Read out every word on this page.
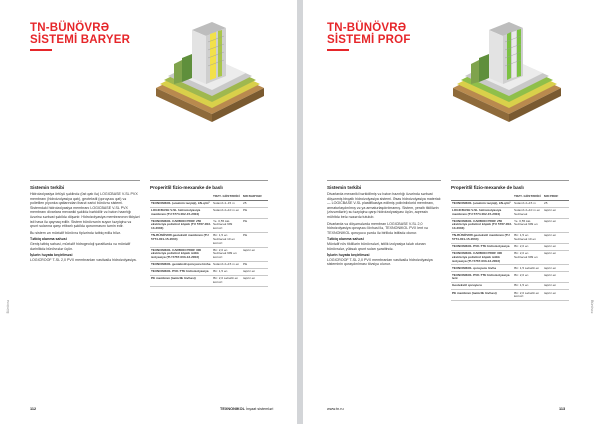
TN-BÜNÖVRƏ
SİSTEMİ BARYER
Sistemin tərkibi

Hidroizolyasiya örtüyü şəklində (üst qatı ilə) LOGICBASE V-SL PVX membranı (hidroizolyasiya qatı), geotekstil (qoruyucu qat) və polietilen plyonka qatlarından ibarət xarici bünövrə sistemi. Sistemdəki hidroizolyasiya membranı LOGICBASE V-SL PVX membranı divarlara mexaniki şəkildə bərkidilir və bəton hazırlığı üzərinə sərbəst şəkildə döşənir. Hidroizolyasiya membranının tikişləri isti hava ilə qaynaq edilir. Sistem bünövrənin suyun təzyiqinə və qrunt sularına qarşı etibarlı şəkildə qorunmasını təmin edir.

Bu sistem ən müxtəlif bünövrə tiplərində tətbiq edilə bilər.

Tətbiq olunma sahəsi

Geniş tətbiq sahəsi, müxtəlif hidrogeoloji şəraitlərdə və müxtəlif dərinlikdə bünövrələr üçün.

İşlərin həyata keçirilməsi

LOGICROOF T-SL 2,0 PVX membranları vasitəsilə hidroizolyasiya.

Properitlil fizio-mexanıke de baslı
	TƏZY. GÖSTƏRİCİ	MƏ BARYER
TEXNONIKOL (ərazinin təzyiqi), kN·q/m²	Sulanıb 4–15 m	25
LOGICBASE V-SL hidroizolyasiya membranı (TU 5774-002-15-2004)	Sulanıb 2+10 m ən	PE
TEXNONIKOL CARBON PROF 250 ekstrüziya polistirol köpük (TU 5767-003-13-2003)	Ye. 0,55 kat. Seziləcək 999 korrozi	PE
TN-BÜNÖVRƏ geotekstil membranı (TU 5774-001-15-2004)	Ən: 1,5 ən Seziləcək 10 ən korrozi	PE
TEXNONIKOL CARBON PROF 300 ekstrüziya polistirol köpük istilik izolyasiya (TU 5767-003-13-2003)	Ən: 2,0 ən Seziləcək 999 ən korrozi	tapılır ən
TEXNONIKOL geotekstil qoruyucu lövhə	Sulanıb 2+15 m ən	PE
TEXNONIKOL PVK-TTE hidroizolyasiya	Ən: 1,5 ən	tapılır ən
PE membran (təmizlik lövhəsi)	Ən: 2,0 səbəbli ən korrozi	tapılır ən
Bünövrə
112	TEXNONIKOL İnşaat sistemləri
TN-BÜNÖVRƏ
SİSTEMİ PROF
Sistemin tərkibi

Divarlarda mexaniki bərkidilmiş və bəton hazırlığı üzərində sərbəst döşənmiş birqatlı hidroizolyasiya sistemi. Əsas hidroizolyasiya materialı — LOGICBASE V-SL plastifikasiya edilmiş polivinilxlorid membranı, armaturlaşdırılmış və ya armaturlaşdırılmamış. Sistem, yeraltı tikililərin (zirzəmilərin) su təzyiqinə qarşı hidroizolyasiyası üçün, aqressiv mühitdə belə nəzərdə tutulub.

Divarlarda və döşəmələrdə membran LOGICBASE V-SL 2,0 hidroizolyasiya qoruyucu lövhəsi ilə, TEXNONIKOL PVX lent və TEXNONIKOL qoruyucu pərdə ilə birlikdə istifadə olunur.

Tətbiq olunma sahəsi

Müxtəlif növ tikililərin bünövrələri, istilik izolyasiya tələb olunan bünövrələr, yüksək qrunt suları şəraitində.

İşlərin həyata keçirilməsi

LOGICROOF T-SL 2,0 PVX membranları vasitəsilə hidroizolyasiya sisteminin quraşdırılması tövsiyə olunur.

Properitlil fizio-mexanıke de baslı
	TƏZY. GÖSTƏRİCİ	MƏ PROF
TEXNONIKOL (ərazinin təzyiqi), kN·q/m²	Sulanıb 2+15 m	25
LOGICBASE V-SL hidroizolyasiya membranı (TU 5774-002-15-2004)	Sulanıb 2+10 m ən Seziləcək	tapılır ən
TEXNONIKOL CARBON PROF 250 ekstrüziya polistirol köpük (TU 5767-003-13-2003)	Ye. 0,55 kat. Seziləcək 999 ən	tapılır ən
TN-BÜNÖVRƏ geotekstil membranı (TU 5774-001-15-2004)	Ən: 1,5 ən Seziləcək 10 ən	tapılır ən
TEXNONIKOL PVK-TTE hidroizolyasiya	Ən: 2,0 ən	tapılır ən
TEXNONIKOL CARBON PROF 300 ekstrüziya polistirol köpük istilik izolyasiya (TU 5767-003-13-2003)	Ən: 2,0 ən Seziləcək 999 ən	tapılır ən
TEXNONIKOL qoruyucu lövhə	Ən: 1,5 səbəbli ən	tapılır ən
TEXNONIKOL PVK-TTE hidroizolyasiya lent	Ən: 2,0 ən	tapılır ən
Geotekstil qoruyucu	Ən: 1,5 ən	tapılır ən
PE membran (təmizlik lövhəsi)	Ən: 2,0 səbəbli ən korrozi	tapılır ən
Bünövrə
www.tn.ru	113
